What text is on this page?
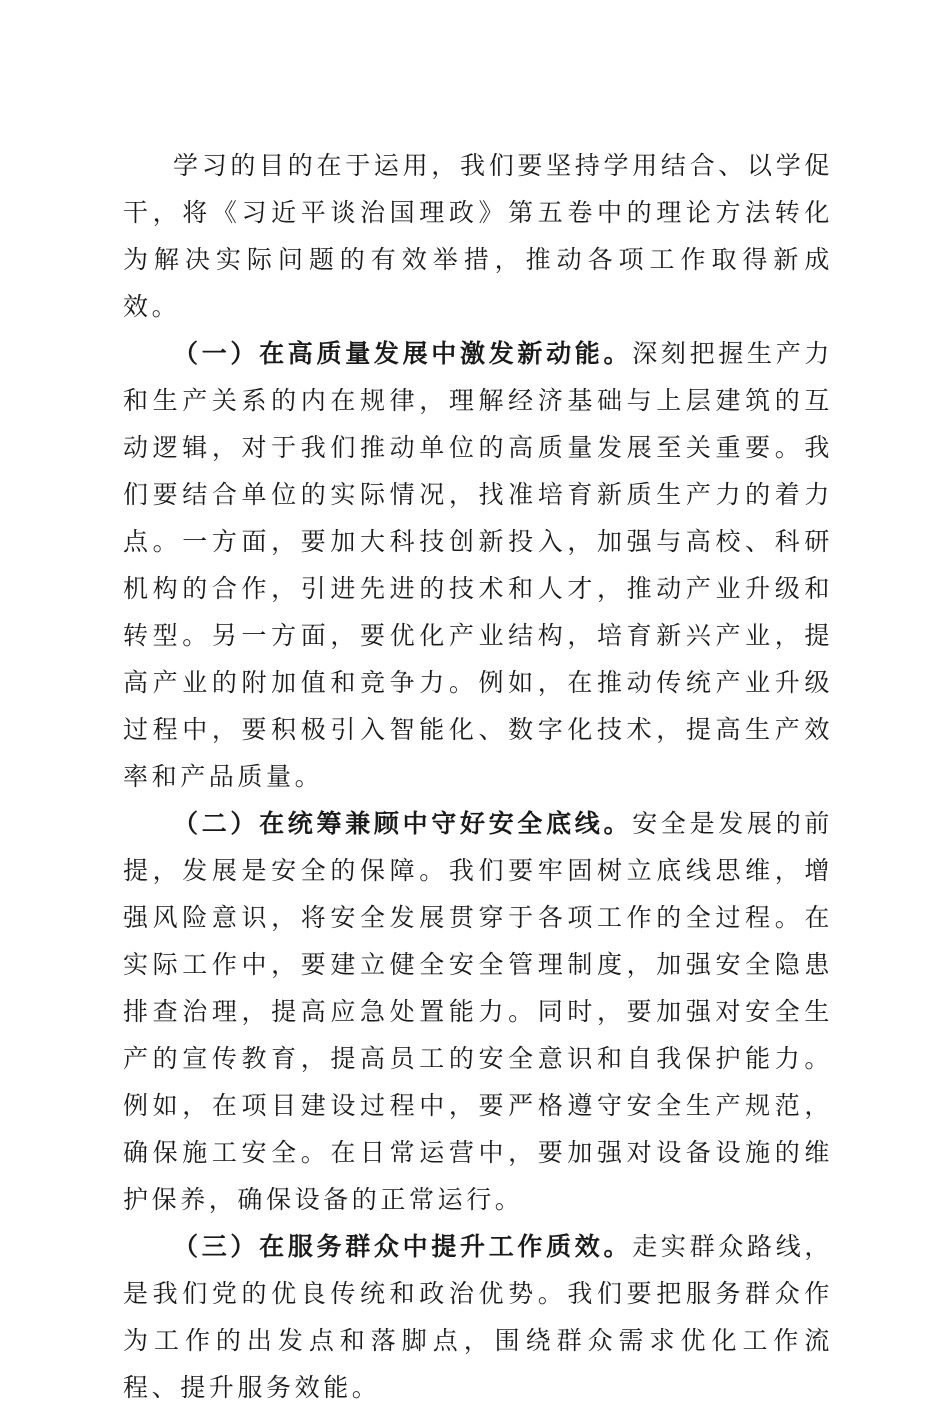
学习的目的在于运用，我们要坚持学用结合、以学促干，将《习近平谈治国理政》第五卷中的理论方法转化为解决实际问题的有效举措，推动各项工作取得新成效。

（一）在高质量发展中激发新动能。深刻把握生产力和生产关系的内在规律，理解经济基础与上层建筑的互动逻辑，对于我们推动单位的高质量发展至关重要。我们要结合单位的实际情况，找准培育新质生产力的着力点。一方面，要加大科技创新投入，加强与高校、科研机构的合作，引进先进的技术和人才，推动产业升级和转型。另一方面，要优化产业结构，培育新兴产业，提高产业的附加值和竞争力。例如，在推动传统产业升级过程中，要积极引入智能化、数字化技术，提高生产效率和产品质量。

（二）在统筹兼顾中守好安全底线。安全是发展的前提，发展是安全的保障。我们要牢固树立底线思维，增强风险意识，将安全发展贯穿于各项工作的全过程。在实际工作中，要建立健全安全管理制度，加强安全隐患排查治理，提高应急处置能力。同时，要加强对安全生产的宣传教育，提高员工的安全意识和自我保护能力。例如，在项目建设过程中，要严格遵守安全生产规范，确保施工安全。在日常运营中，要加强对设备设施的维护保养，确保设备的正常运行。

（三）在服务群众中提升工作质效。走实群众路线，是我们党的优良传统和政治优势。我们要把服务群众作为工作的出发点和落脚点，围绕群众需求优化工作流程、提升服务效能。
